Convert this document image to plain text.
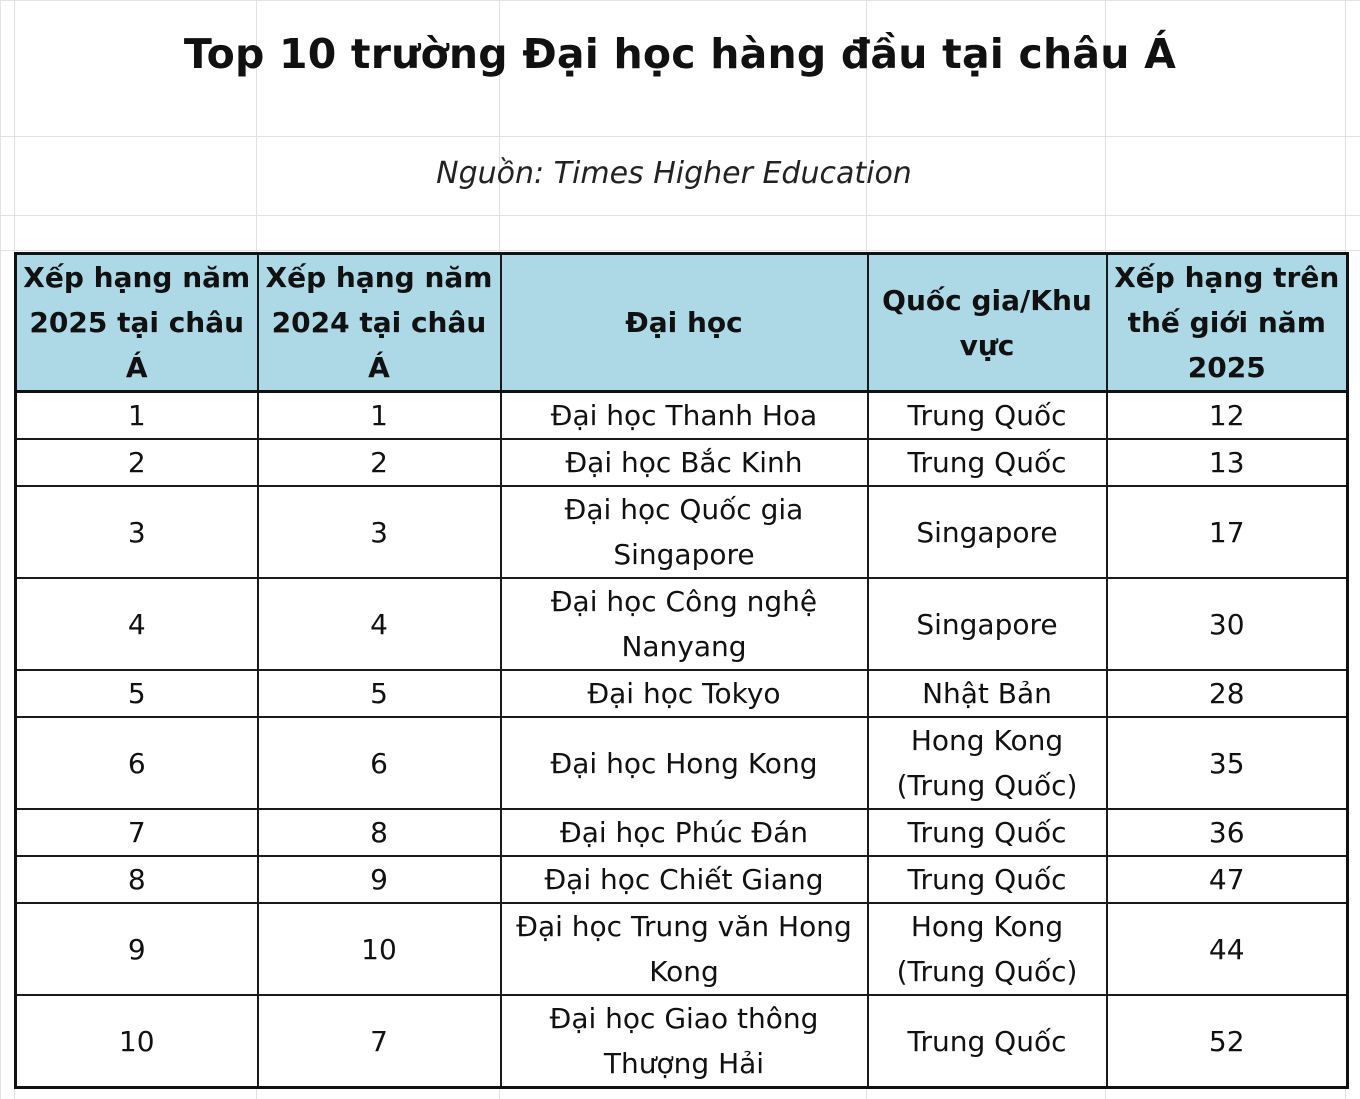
Top 10 trường Đại học hàng đầu tại châu Á
Nguồn: Times Higher Education
Xếp hạng năm 2025 tại châu Á	Xếp hạng năm 2024 tại châu Á	Đại học	Quốc gia/Khu vực	Xếp hạng trên thế giới năm 2025
1	1	Đại học Thanh Hoa	Trung Quốc	12
2	2	Đại học Bắc Kinh	Trung Quốc	13
3	3	Đại học Quốc gia Singapore	Singapore	17
4	4	Đại học Công nghệ Nanyang	Singapore	30
5	5	Đại học Tokyo	Nhật Bản	28
6	6	Đại học Hong Kong	Hong Kong (Trung Quốc)	35
7	8	Đại học Phúc Đán	Trung Quốc	36
8	9	Đại học Chiết Giang	Trung Quốc	47
9	10	Đại học Trung văn Hong Kong	Hong Kong (Trung Quốc)	44
10	7	Đại học Giao thông Thượng Hải	Trung Quốc	52
